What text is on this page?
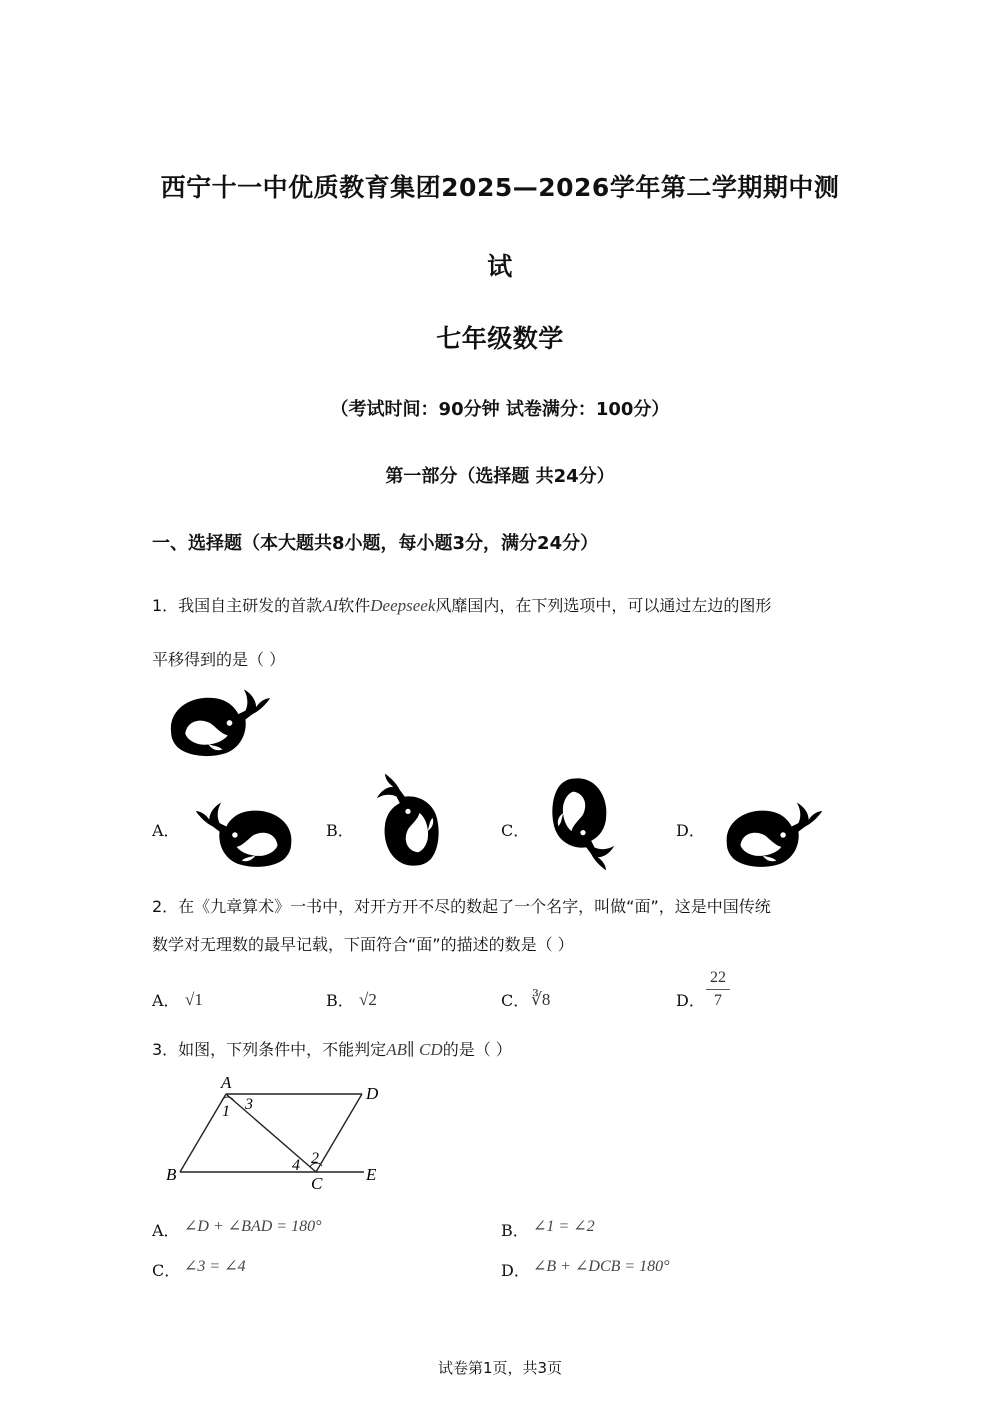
西宁十一中优质教育集团2025—2026学年第二学期期中测
试
七年级数学
（考试时间：90分钟 试卷满分：100分）
第一部分（选择题 共24分）
一、选择题（本大题共8小题，每小题3分，满分24分）
1．我国自主研发的首款AI软件Deepseek风靡国内，在下列选项中，可以通过左边的图形
平移得到的是（ ）
A．	B．	C．	D．
2．在《九章算术》一书中，对开方开不尽的数起了一个名字，叫做“面”，这是中国传统
数学对无理数的最早记载，下面符合“面”的描述的数是（ ）
A． √1	B． √2	C． ∛8	D．
22
7
3．如图，下列条件中，不能判定AB∥ CD的是（ ）
A
D
B	C	E
1 3
2
4
A． ∠D + ∠BAD = 180°	B． ∠1 = ∠2
C． ∠3 = ∠4	D． ∠B + ∠DCB = 180°
试卷第1页，共3页
